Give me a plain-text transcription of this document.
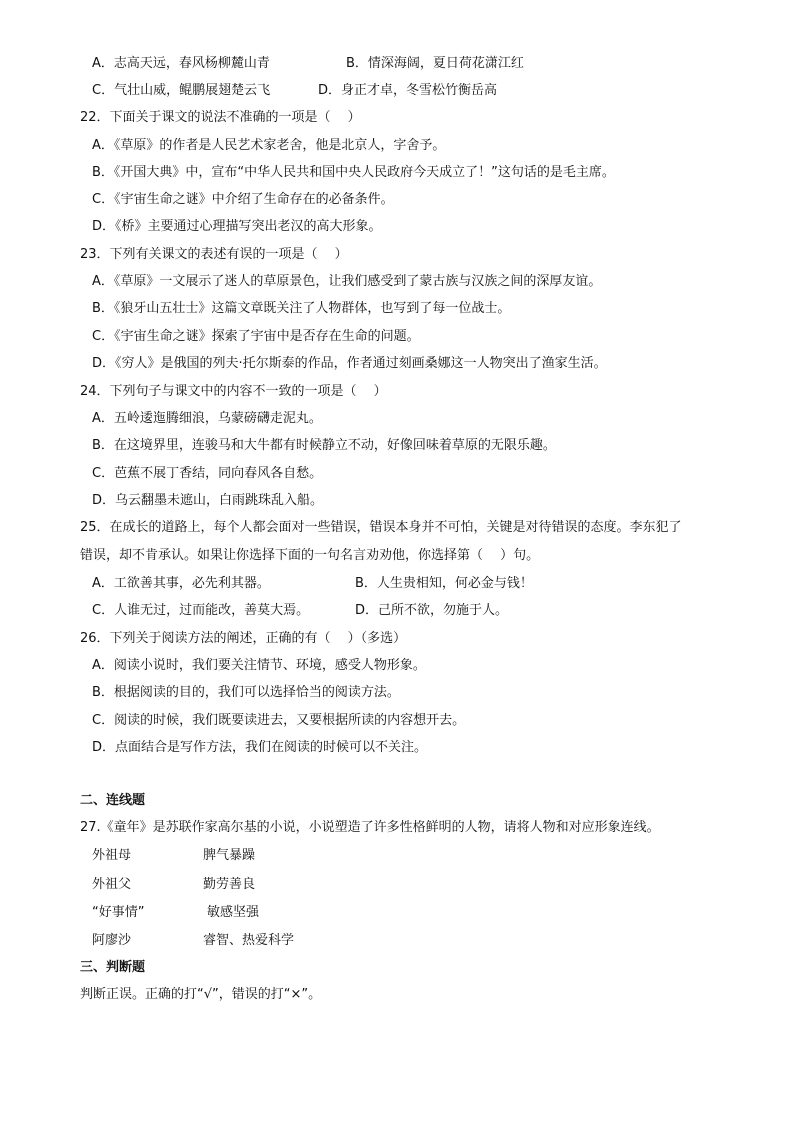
A．志高天远，春风杨柳麓山青	B．情深海阔，夏日荷花潇江红
C．气壮山威，鲲鹏展翅楚云飞	D．身正才卓，冬雪松竹衡岳高
22．下面关于课文的说法不准确的一项是（　 ）
A．《草原》的作者是人民艺术家老舍，他是北京人，字舍予。
B．《开国大典》中，宣布“中华人民共和国中央人民政府今天成立了！”这句话的是毛主席。
C．《宇宙生命之谜》中介绍了生命存在的必备条件。
D．《桥》主要通过心理描写突出老汉的高大形象。
23．下列有关课文的表述有误的一项是（　 ）
A．《草原》一文展示了迷人的草原景色，让我们感受到了蒙古族与汉族之间的深厚友谊。
B．《狼牙山五壮士》这篇文章既关注了人物群体，也写到了每一位战士。
C．《宇宙生命之谜》探索了宇宙中是否存在生命的问题。
D．《穷人》是俄国的列夫·托尔斯泰的作品，作者通过刻画桑娜这一人物突出了渔家生活。
24．下列句子与课文中的内容不一致的一项是（　 ）
A．五岭逶迤腾细浪，乌蒙磅礴走泥丸。
B．在这境界里，连骏马和大牛都有时候静立不动，好像回味着草原的无限乐趣。
C．芭蕉不展丁香结，同向春风各自愁。
D．乌云翻墨未遮山，白雨跳珠乱入船。
25．在成长的道路上，每个人都会面对一些错误，错误本身并不可怕，关键是对待错误的态度。李东犯了
错误，却不肯承认。如果让你选择下面的一句名言劝劝他，你选择第（　 ）句。
A．工欲善其事，必先利其器。	B．人生贵相知，何必金与钱！
C．人谁无过，过而能改，善莫大焉。	D．己所不欲，勿施于人。
26．下列关于阅读方法的阐述，正确的有（　 ）（多选）
A．阅读小说时，我们要关注情节、环境，感受人物形象。
B．根据阅读的目的，我们可以选择恰当的阅读方法。
C．阅读的时候，我们既要读进去，又要根据所读的内容想开去。
D．点面结合是写作方法，我们在阅读的时候可以不关注。
二、连线题
27.《童年》是苏联作家高尔基的小说，小说塑造了许多性格鲜明的人物，请将人物和对应形象连线。
外祖母	脾气暴躁
外祖父	勤劳善良
“好事情”	敏感坚强
阿廖沙	睿智、热爱科学
三、判断题
判断正误。正确的打“√”，错误的打“×”。
